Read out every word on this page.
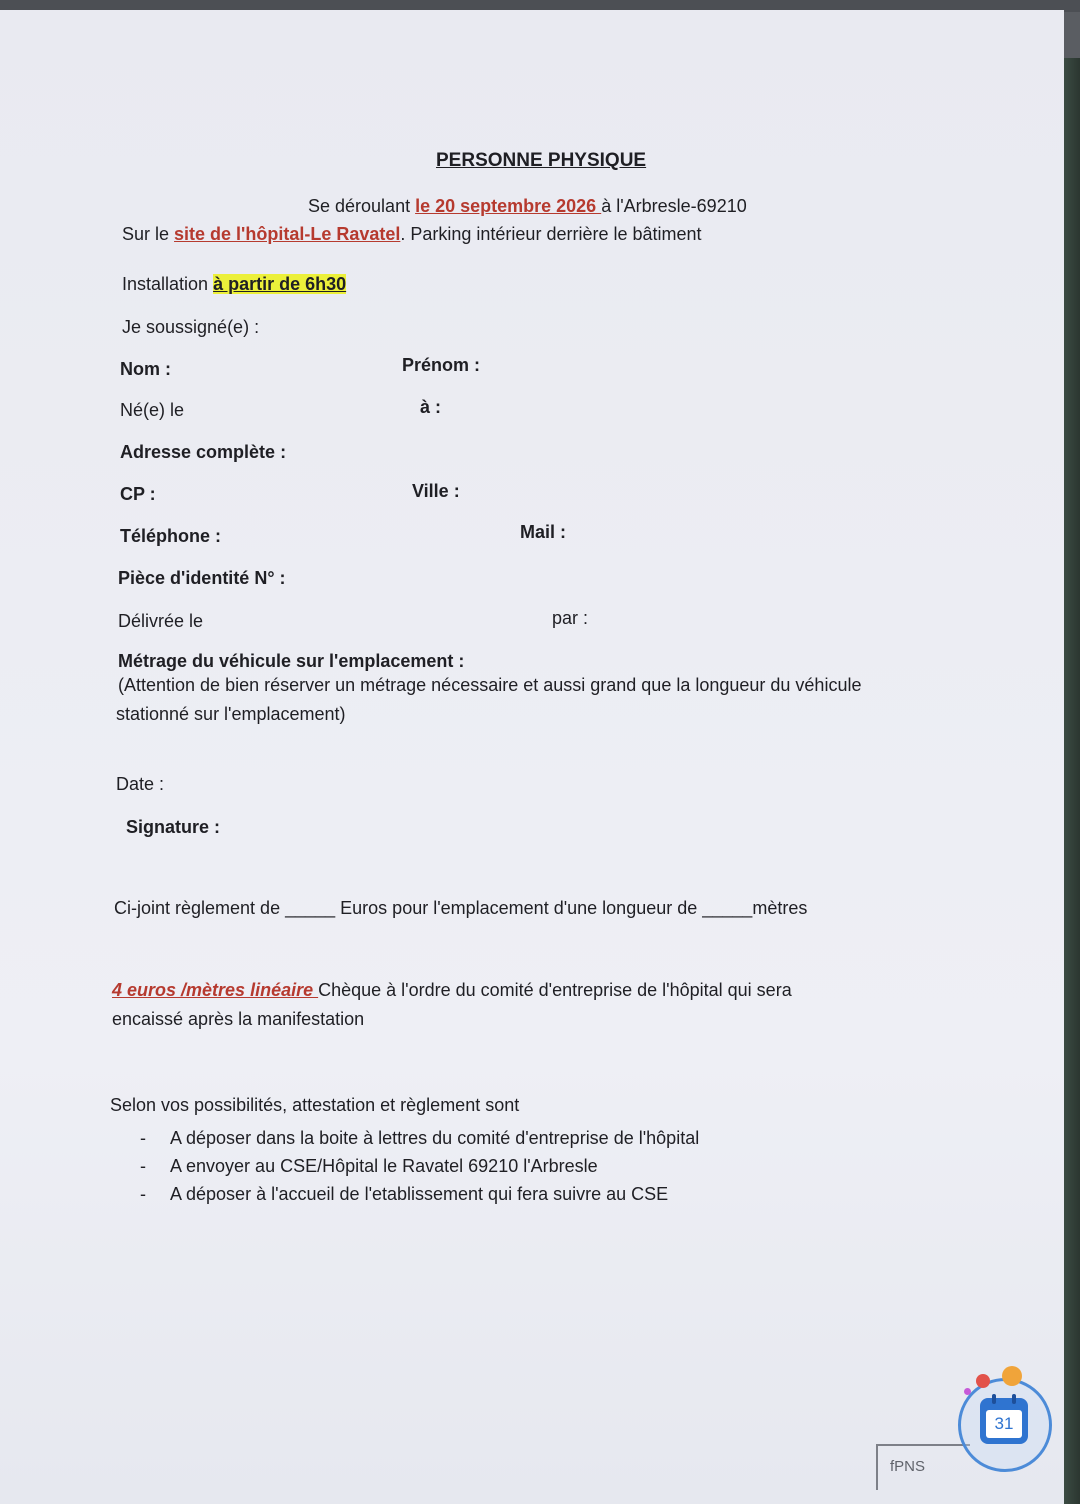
PERSONNE PHYSIQUE
Se déroulant le 20 septembre 2026 à l'Arbresle-69210
Sur le site de l'hôpital-Le Ravatel. Parking intérieur derrière le bâtiment
Installation à partir de 6h30
Je soussigné(e) :
Nom :	Prénom :
Né(e) le	à :
Adresse complète :
CP :	Ville :
Téléphone :	Mail :
Pièce d'identité N° :
Délivrée le	par :
Métrage du véhicule sur l'emplacement :
(Attention de bien réserver un métrage nécessaire et aussi grand que la longueur du véhicule
stationné sur l'emplacement)
Date :
Signature :
Ci-joint règlement de _____ Euros pour l'emplacement d'une longueur de _____mètres
4 euros /mètres linéaire Chèque à l'ordre du comité d'entreprise de l'hôpital qui sera
encaissé après la manifestation
Selon vos possibilités, attestation et règlement sont
- A déposer dans la boite à lettres du comité d'entreprise de l'hôpital
- A envoyer au CSE/Hôpital le Ravatel 69210 l'Arbresle
- A déposer à l'accueil de l'etablissement qui fera suivre au CSE
fPNS
31
